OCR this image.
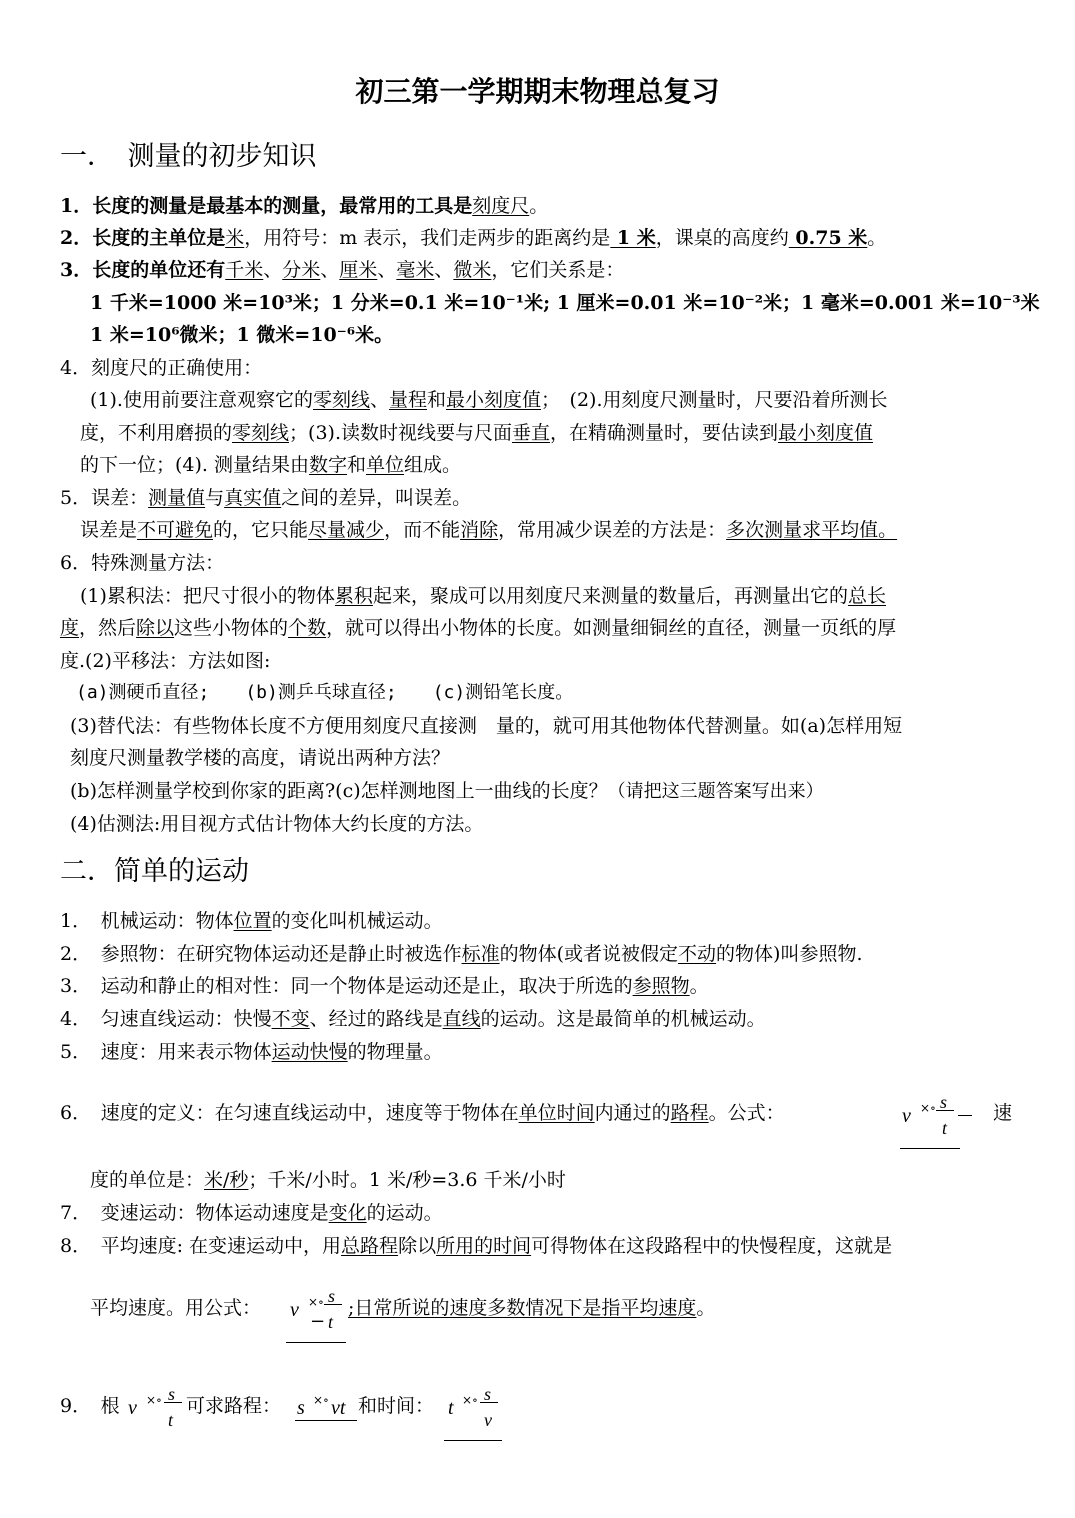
初三第一学期期末物理总复习
一．　测量的初步知识
1．长度的测量是最基本的测量，最常用的工具是刻度尺。
2．长度的主单位是米，用符号：m 表示，我们走两步的距离约是 1 米，课桌的高度约 0.75 米。
3．长度的单位还有千米、分米、厘米、毫米、微米，它们关系是：
1 千米=1000 米=10³米；1 分米=0.1 米=10⁻¹米; 1 厘米=0.01 米=10⁻²米；1 毫米=0.001 米=10⁻³米
1 米=10⁶微米；1 微米=10⁻⁶米。
4．刻度尺的正确使用：
(1).使用前要注意观察它的零刻线、量程和最小刻度值；　(2).用刻度尺测量时，尺要沿着所测长
度，不利用磨损的零刻线；(3).读数时视线要与尺面垂直，在精确测量时，要估读到最小刻度值
的下一位；(4). 测量结果由数字和单位组成。
5．误差：测量值与真实值之间的差异，叫误差。
误差是不可避免的，它只能尽量减少，而不能消除，常用减少误差的方法是：多次测量求平均值。
6．特殊测量方法：
(1)累积法：把尺寸很小的物体累积起来，聚成可以用刻度尺来测量的数量后，再测量出它的总长
度，然后除以这些小物体的个数，就可以得出小物体的长度。如测量细铜丝的直径，测量一页纸的厚
度.(2)平移法：方法如图:
(a)测硬币直径;　　(b)测乒乓球直径;　　(c)测铅笔长度。
(3)替代法：有些物体长度不方便用刻度尺直接测　量的，就可用其他物体代替测量。如(a)怎样用短
刻度尺测量教学楼的高度，请说出两种方法？
(b)怎样测量学校到你家的距离?(c)怎样测地图上一曲线的长度？（请把这三题答案写出来）
(4)估测法:用目视方式估计物体大约长度的方法。
二．简单的运动
1．　机械运动：物体位置的变化叫机械运动。
2．　参照物：在研究物体运动还是静止时被选作标准的物体(或者说被假定不动的物体)叫参照物.
3．　运动和静止的相对性：同一个物体是运动还是止，取决于所选的参照物。
4．　匀速直线运动：快慢不变、经过的路线是直线的运动。这是最简单的机械运动。
5．　速度：用来表示物体运动快慢的物理量。
6．　速度的定义：在匀速直线运动中，速度等于物体在单位时间内通过的路程。公式：	v ×∘ s
t
速
度的单位是：米/秒；千米/小时。1 米/秒=3.6 千米/小时
7．　变速运动：物体运动速度是变化的运动。
8．　平均速度: 在变速运动中，用总路程除以所用的时间可得物体在这段路程中的快慢程度，这就是
平均速度。用公式： v ×∘ s
− t
;日常所说的速度多数情况下是指平均速度。
9．　根 v ×∘ s
t
可求路程： s ×∘ vt 和时间： t ×∘ s
v
